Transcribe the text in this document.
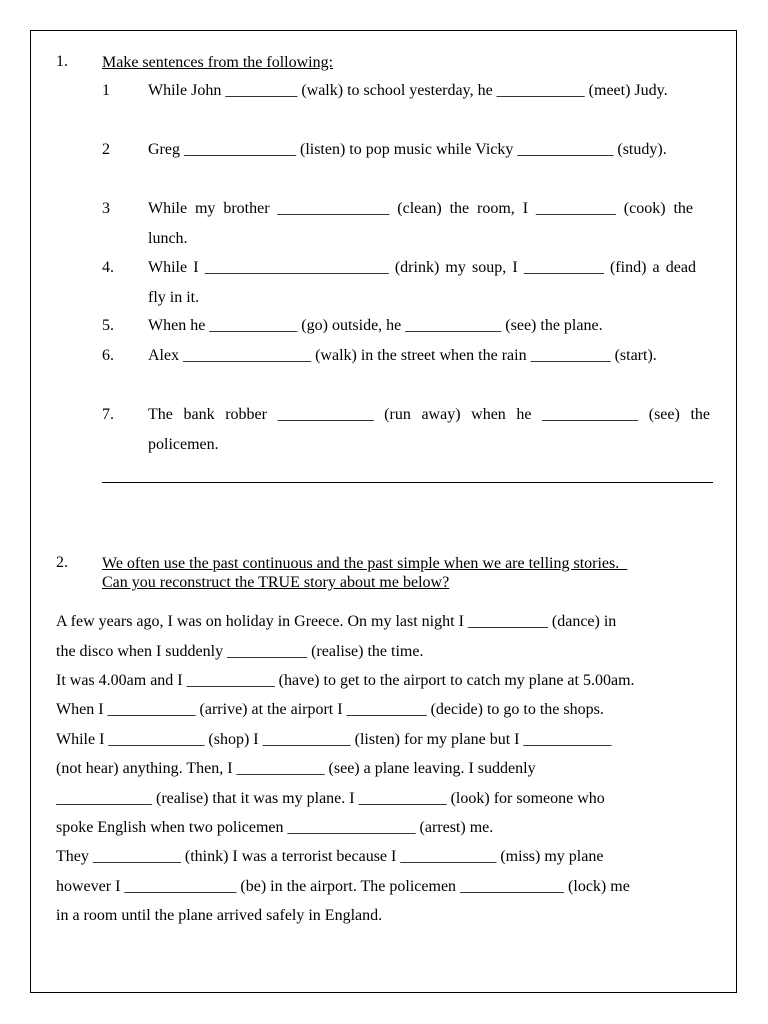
1. Make sentences from the following:
1 While John _________ (walk) to school yesterday, he ___________ (meet) Judy.
2 Greg ______________ (listen) to pop music while Vicky ____________ (study).
3 While my brother ______________ (clean) the room, I __________ (cook) the lunch.
4. While I _______________________ (drink) my soup, I __________ (find) a dead fly in it.
5. When he ___________ (go) outside, he ____________ (see) the plane.
6. Alex ________________ (walk) in the street when the rain __________ (start).
7. The bank robber ____________ (run away) when he ____________ (see) the policemen.
2. We often use the past continuous and the past simple when we are telling stories.
Can you reconstruct the TRUE story about me below?
A few years ago, I was on holiday in Greece. On my last night I __________ (dance) in
the disco when I suddenly __________ (realise) the time.
It was 4.00am and I ___________ (have) to get to the airport to catch my plane at 5.00am.
When I ___________ (arrive) at the airport I __________ (decide) to go to the shops.
While I ____________ (shop) I ___________ (listen) for my plane but I ___________
(not hear) anything. Then, I ___________ (see) a plane leaving. I suddenly
____________ (realise) that it was my plane. I ___________ (look) for someone who
spoke English when two policemen ________________ (arrest) me.
They ___________ (think) I was a terrorist because I ____________ (miss) my plane
however I ______________ (be) in the airport. The policemen _____________ (lock) me
in a room until the plane arrived safely in England.
